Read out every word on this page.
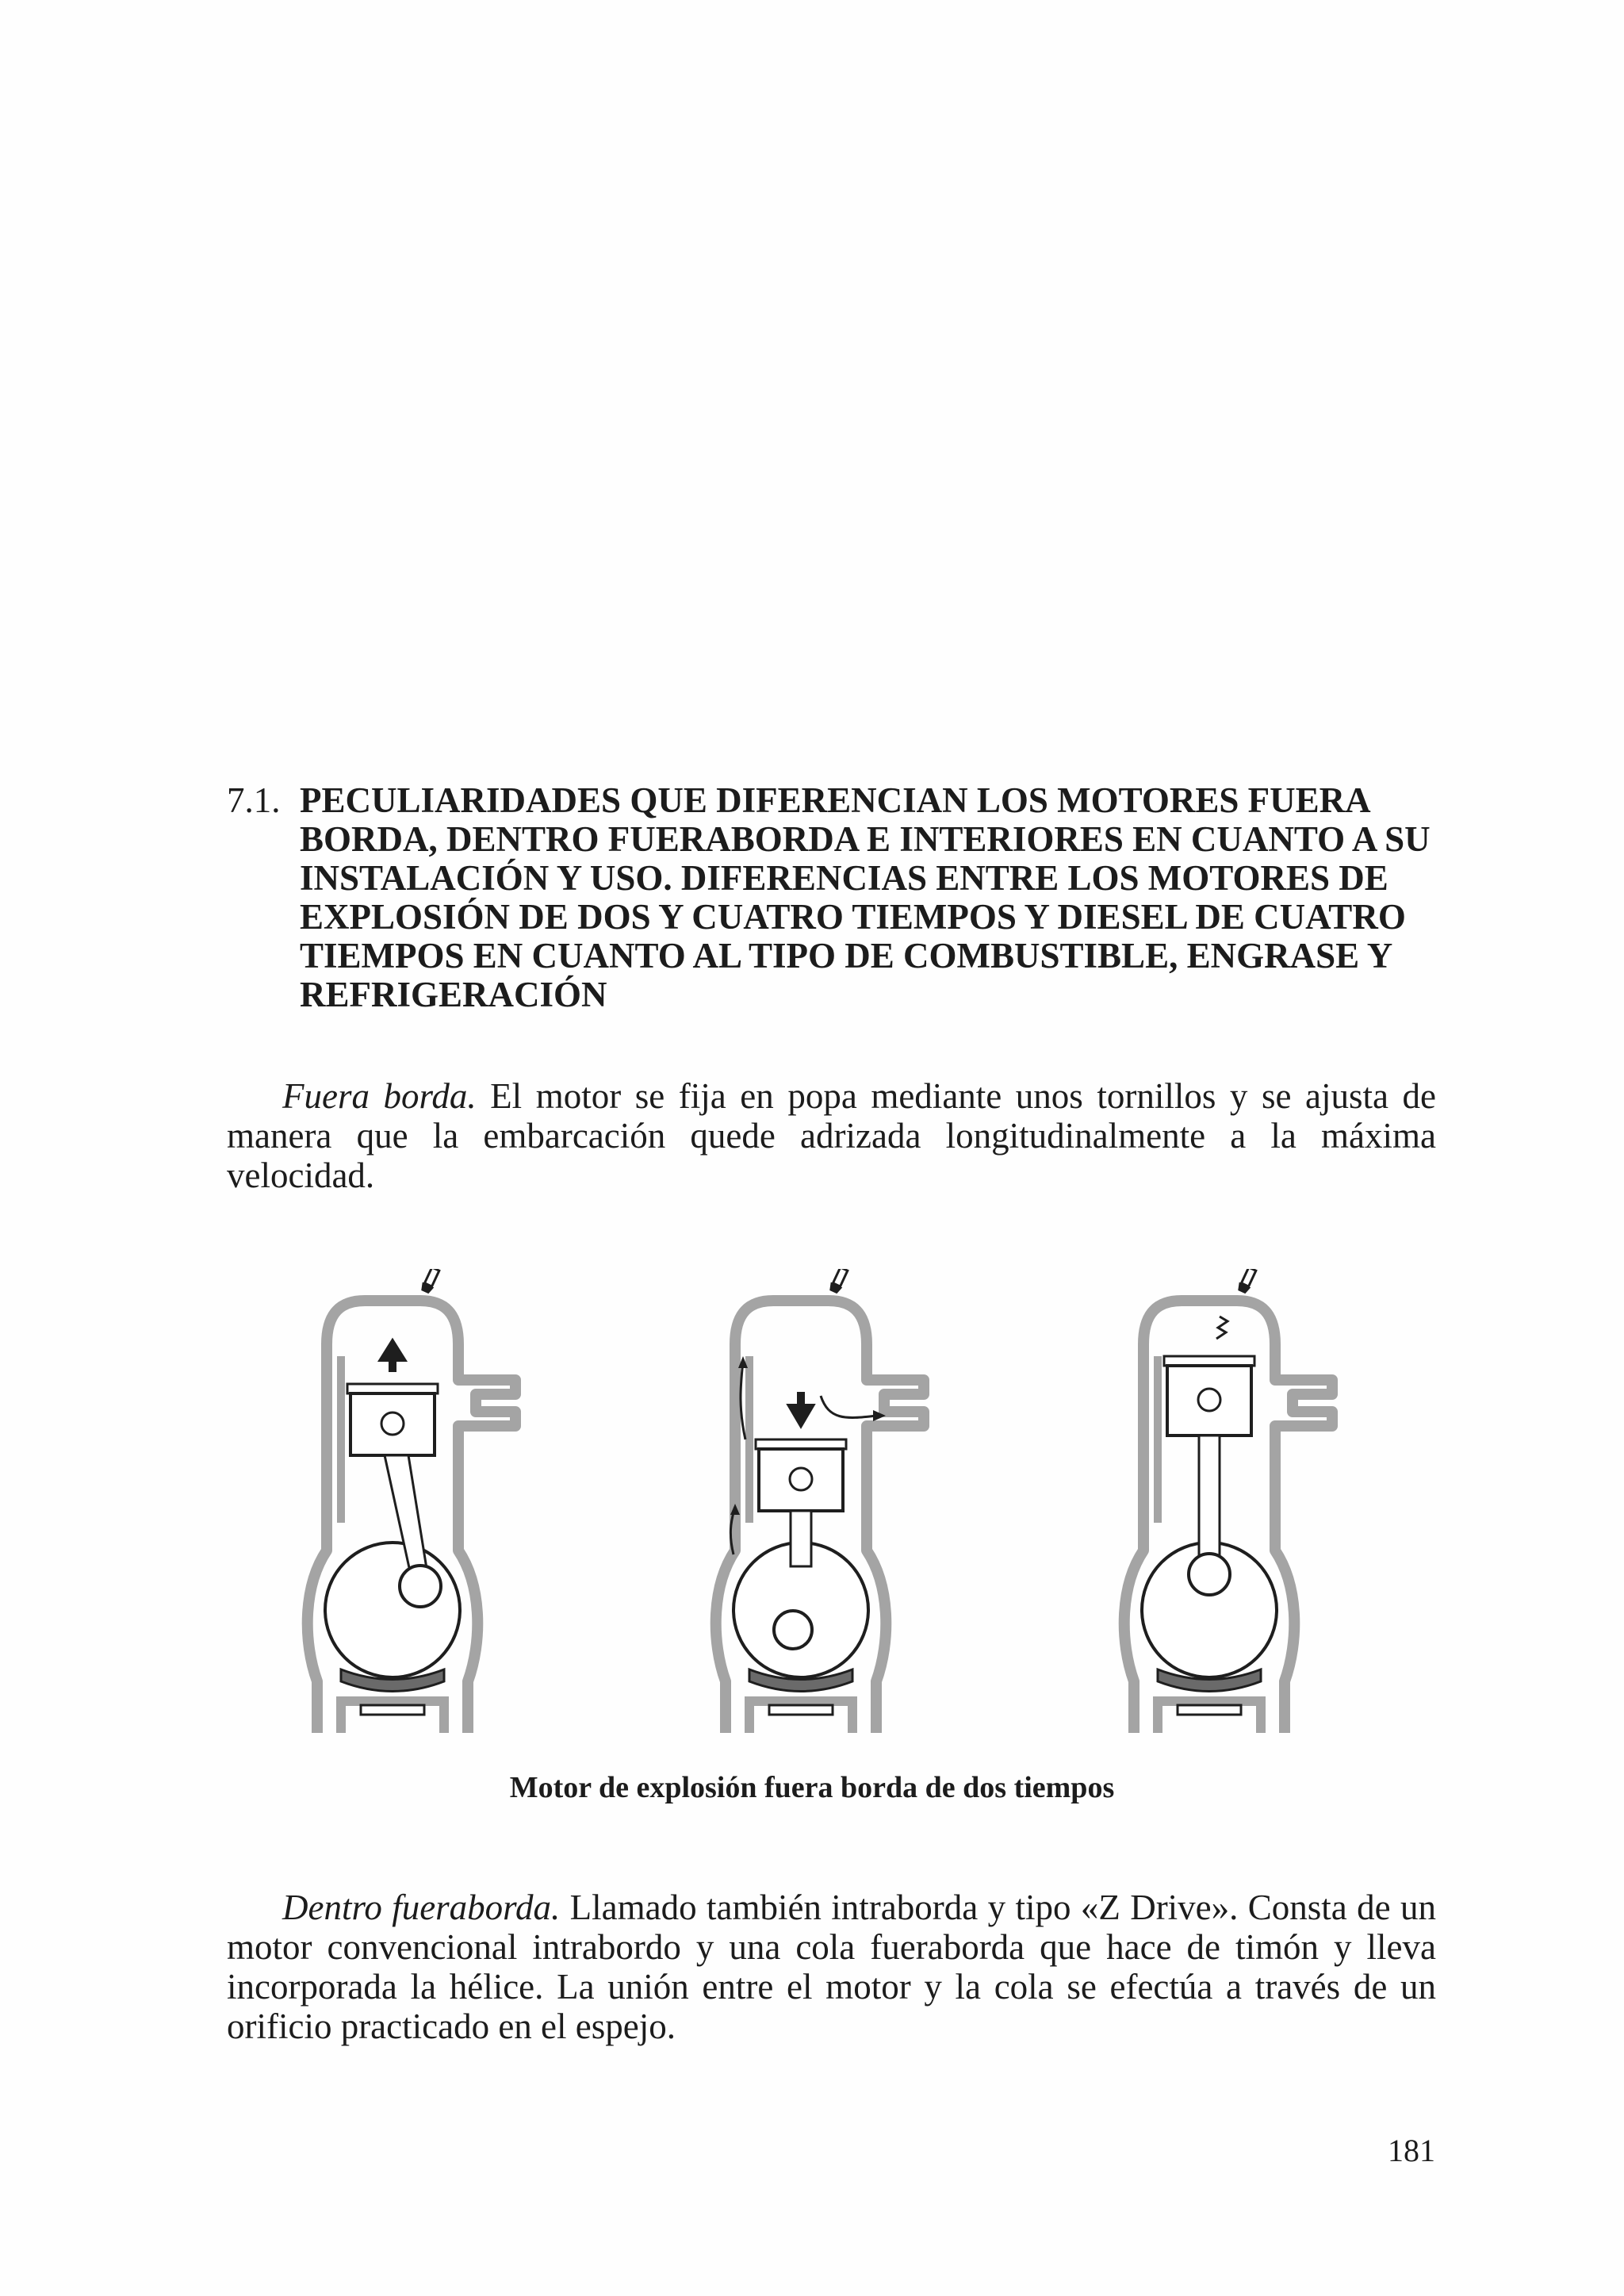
7.1. PECULIARIDADES QUE DIFERENCIAN LOS MOTORES FUERA BORDA, DENTRO FUERABORDA E INTERIORES EN CUANTO A SU INSTALACIÓN Y USO. DIFERENCIAS ENTRE LOS MOTORES DE EXPLOSIÓN DE DOS Y CUATRO TIEMPOS Y DIESEL DE CUATRO TIEMPOS EN CUANTO AL TIPO DE COMBUSTIBLE, ENGRASE Y REFRIGERACIÓN

Fuera borda. El motor se fija en popa mediante unos tornillos y se ajusta de manera que la embarcación quede adrizada longitudinalmente a la máxima velocidad.

Motor de explosión fuera borda de dos tiempos

Dentro fueraborda. Llamado también intraborda y tipo «Z Drive». Consta de un motor convencional intrabordo y una cola fueraborda que hace de timón y lleva incorporada la hélice. La unión entre el motor y la cola se efectúa a través de un orificio practicado en el espejo.

181
